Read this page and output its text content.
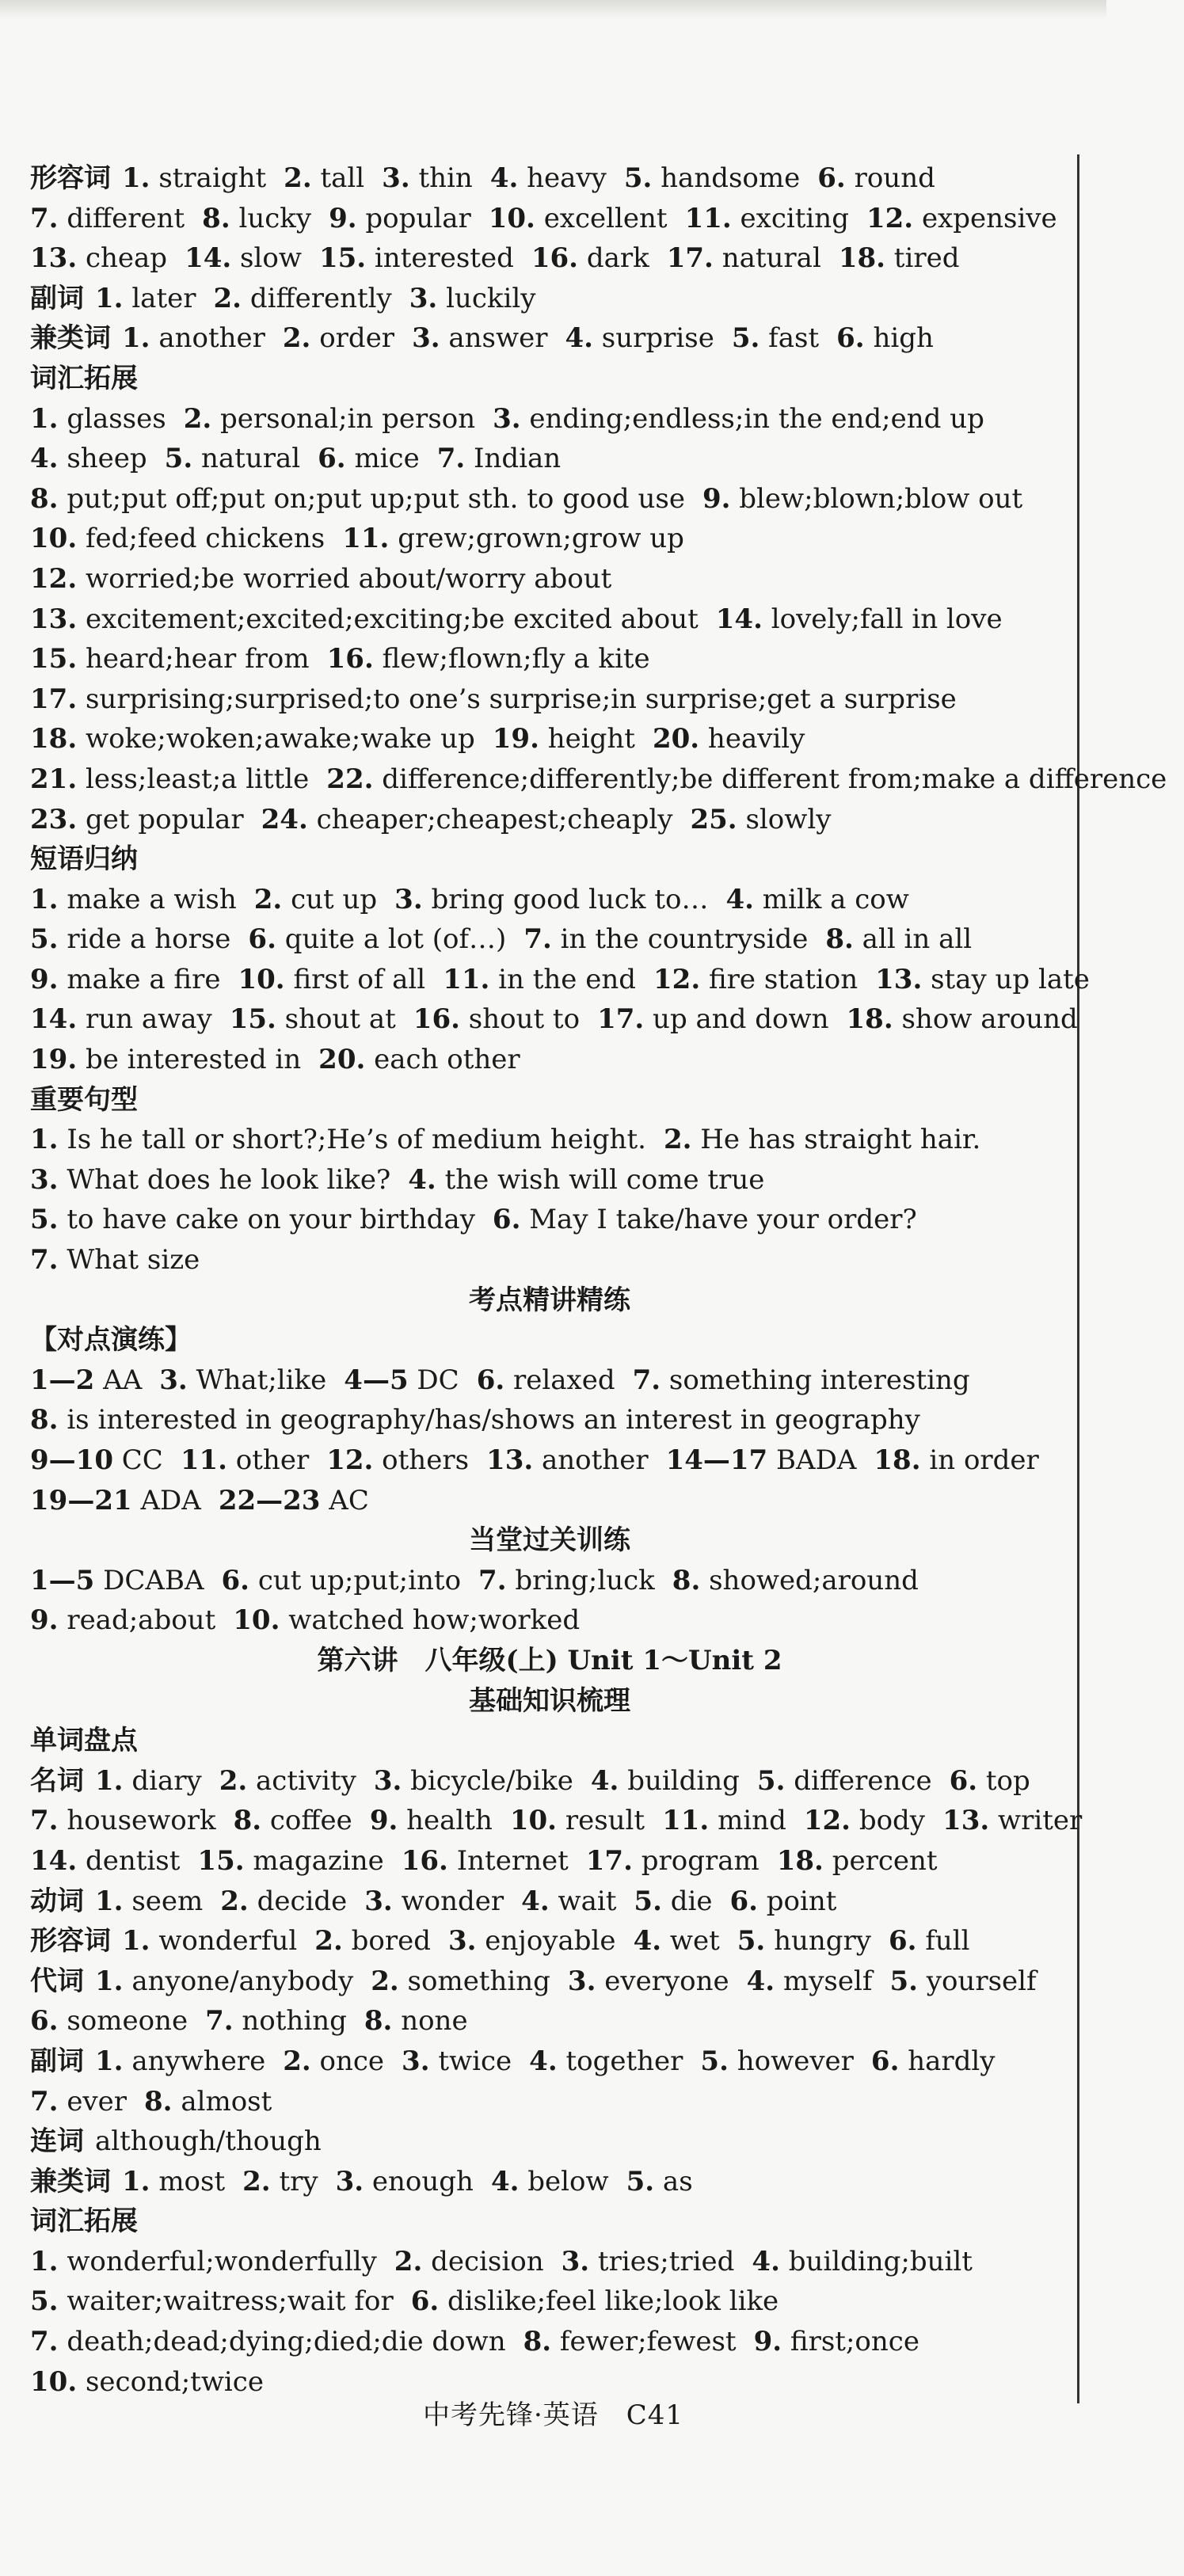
形容词 1. straight 2. tall 3. thin 4. heavy 5. handsome 6. round
7. different 8. lucky 9. popular 10. excellent 11. exciting 12. expensive
13. cheap 14. slow 15. interested 16. dark 17. natural 18. tired
副词 1. later 2. differently 3. luckily
兼类词 1. another 2. order 3. answer 4. surprise 5. fast 6. high
词汇拓展
1. glasses 2. personal;in person 3. ending;endless;in the end;end up
4. sheep 5. natural 6. mice 7. Indian
8. put;put off;put on;put up;put sth. to good use 9. blew;blown;blow out
10. fed;feed chickens 11. grew;grown;grow up
12. worried;be worried about/worry about
13. excitement;excited;exciting;be excited about 14. lovely;fall in love
15. heard;hear from 16. flew;flown;fly a kite
17. surprising;surprised;to one’s surprise;in surprise;get a surprise
18. woke;woken;awake;wake up 19. height 20. heavily
21. less;least;a little 22. difference;differently;be different from;make a difference
23. get popular 24. cheaper;cheapest;cheaply 25. slowly
短语归纳
1. make a wish 2. cut up 3. bring good luck to… 4. milk a cow
5. ride a horse 6. quite a lot (of…) 7. in the countryside 8. all in all
9. make a fire 10. first of all 11. in the end 12. fire station 13. stay up late
14. run away 15. shout at 16. shout to 17. up and down 18. show around
19. be interested in 20. each other
重要句型
1. Is he tall or short?;He’s of medium height. 2. He has straight hair.
3. What does he look like? 4. the wish will come true
5. to have cake on your birthday 6. May I take/have your order?
7. What size
考点精讲精练
【对点演练】
1—2 AA 3. What;like 4—5 DC 6. relaxed 7. something interesting
8. is interested in geography/has/shows an interest in geography
9—10 CC 11. other 12. others 13. another 14—17 BADA 18. in order
19—21 ADA 22—23 AC
当堂过关训练
1—5 DCABA 6. cut up;put;into 7. bring;luck 8. showed;around
9. read;about 10. watched how;worked
第六讲　八年级(上) Unit 1～Unit 2
基础知识梳理
单词盘点
名词 1. diary 2. activity 3. bicycle/bike 4. building 5. difference 6. top
7. housework 8. coffee 9. health 10. result 11. mind 12. body 13. writer
14. dentist 15. magazine 16. Internet 17. program 18. percent
动词 1. seem 2. decide 3. wonder 4. wait 5. die 6. point
形容词 1. wonderful 2. bored 3. enjoyable 4. wet 5. hungry 6. full
代词 1. anyone/anybody 2. something 3. everyone 4. myself 5. yourself
6. someone 7. nothing 8. none
副词 1. anywhere 2. once 3. twice 4. together 5. however 6. hardly
7. ever 8. almost
连词 although/though
兼类词 1. most 2. try 3. enough 4. below 5. as
词汇拓展
1. wonderful;wonderfully 2. decision 3. tries;tried 4. building;built
5. waiter;waitress;wait for 6. dislike;feel like;look like
7. death;dead;dying;died;die down 8. fewer;fewest 9. first;once
10. second;twice
中考先锋·英语　C41
